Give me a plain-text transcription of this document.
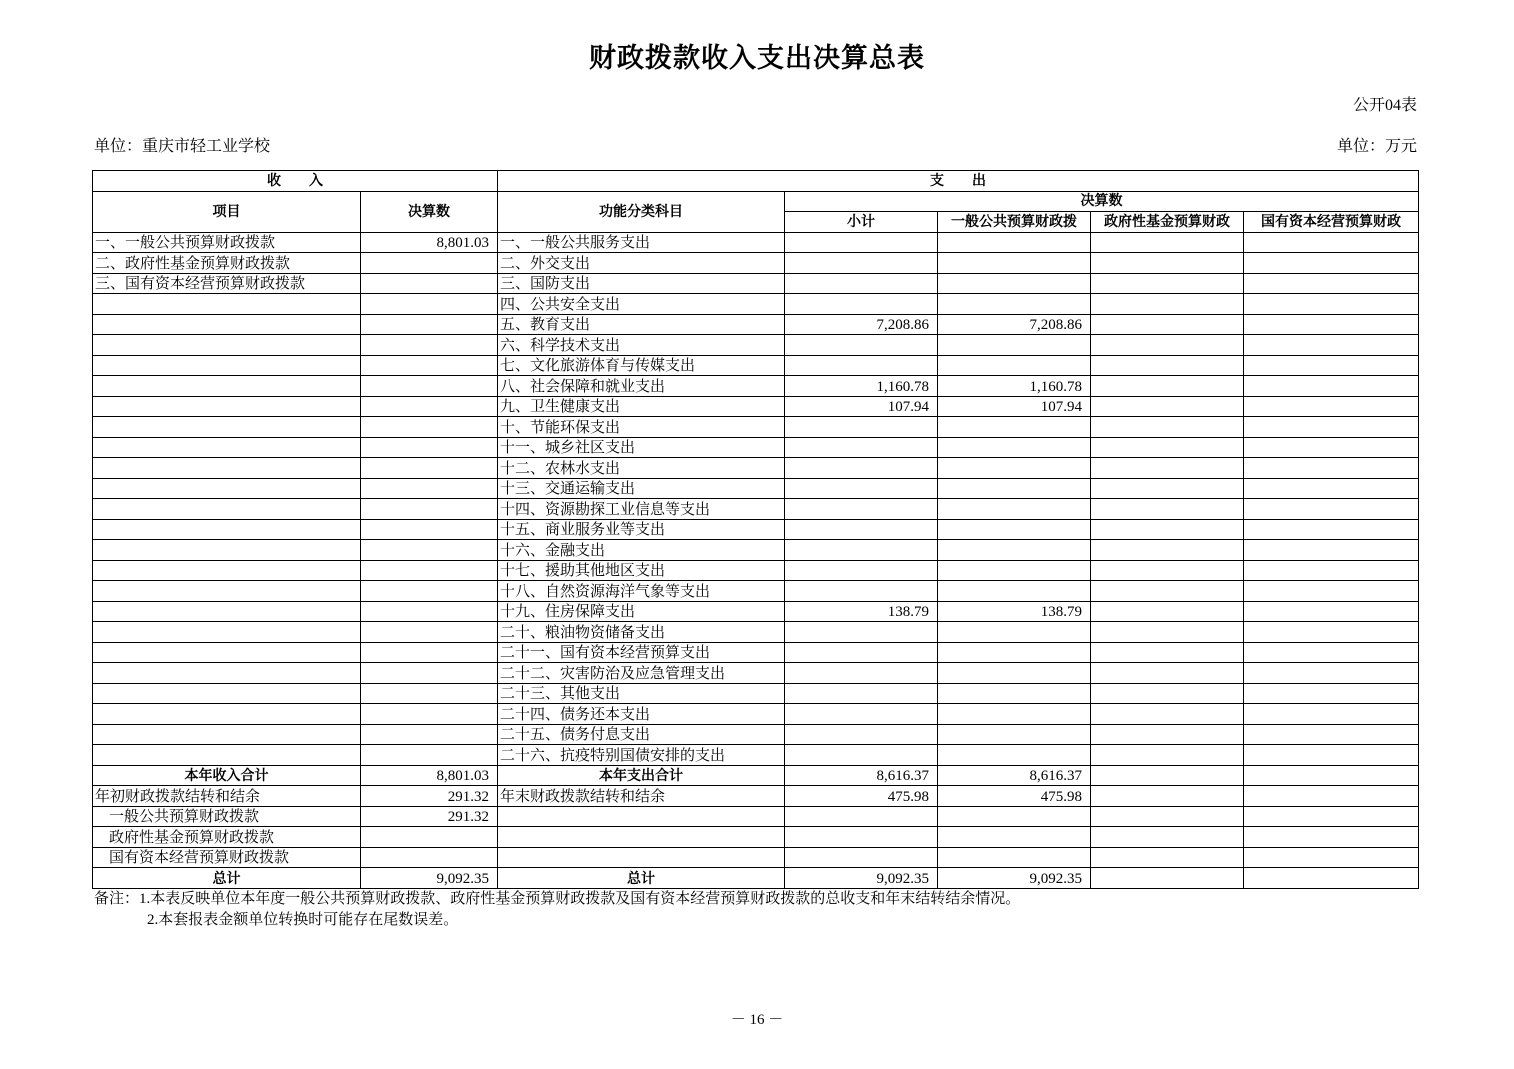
财政拨款收入支出决算总表
公开04表
单位：重庆市轻工业学校	单位：万元
收　　入		支　　出				
项目	决算数	功能分类科目	决算数			
			小计	一般公共预算财政拨	政府性基金预算财政	国有资本经营预算财政
一、一般公共预算财政拨款	8,801.03	一、一般公共服务支出				
二、政府性基金预算财政拨款		二、外交支出				
三、国有资本经营预算财政拨款		三、国防支出				
		四、公共安全支出				
		五、教育支出	7,208.86	7,208.86		
		六、科学技术支出				
		七、文化旅游体育与传媒支出				
		八、社会保障和就业支出	1,160.78	1,160.78		
		九、卫生健康支出	107.94	107.94		
		十、节能环保支出				
		十一、城乡社区支出				
		十二、农林水支出				
		十三、交通运输支出				
		十四、资源勘探工业信息等支出				
		十五、商业服务业等支出				
		十六、金融支出				
		十七、援助其他地区支出				
		十八、自然资源海洋气象等支出				
		十九、住房保障支出	138.79	138.79		
		二十、粮油物资储备支出				
		二十一、国有资本经营预算支出				
		二十二、灾害防治及应急管理支出				
		二十三、其他支出				
		二十四、债务还本支出				
		二十五、债务付息支出				
		二十六、抗疫特别国债安排的支出				
本年收入合计	8,801.03	本年支出合计	8,616.37	8,616.37		
年初财政拨款结转和结余	291.32	年末财政拨款结转和结余	475.98	475.98		
一般公共预算财政拨款	291.32					
政府性基金预算财政拨款						
国有资本经营预算财政拨款						
总计	9,092.35	总计	9,092.35	9,092.35		
备注：1.本表反映单位本年度一般公共预算财政拨款、政府性基金预算财政拨款及国有资本经营预算财政拨款的总收支和年末结转结余情况。
2.本套报表金额单位转换时可能存在尾数误差。
－ 16 －
